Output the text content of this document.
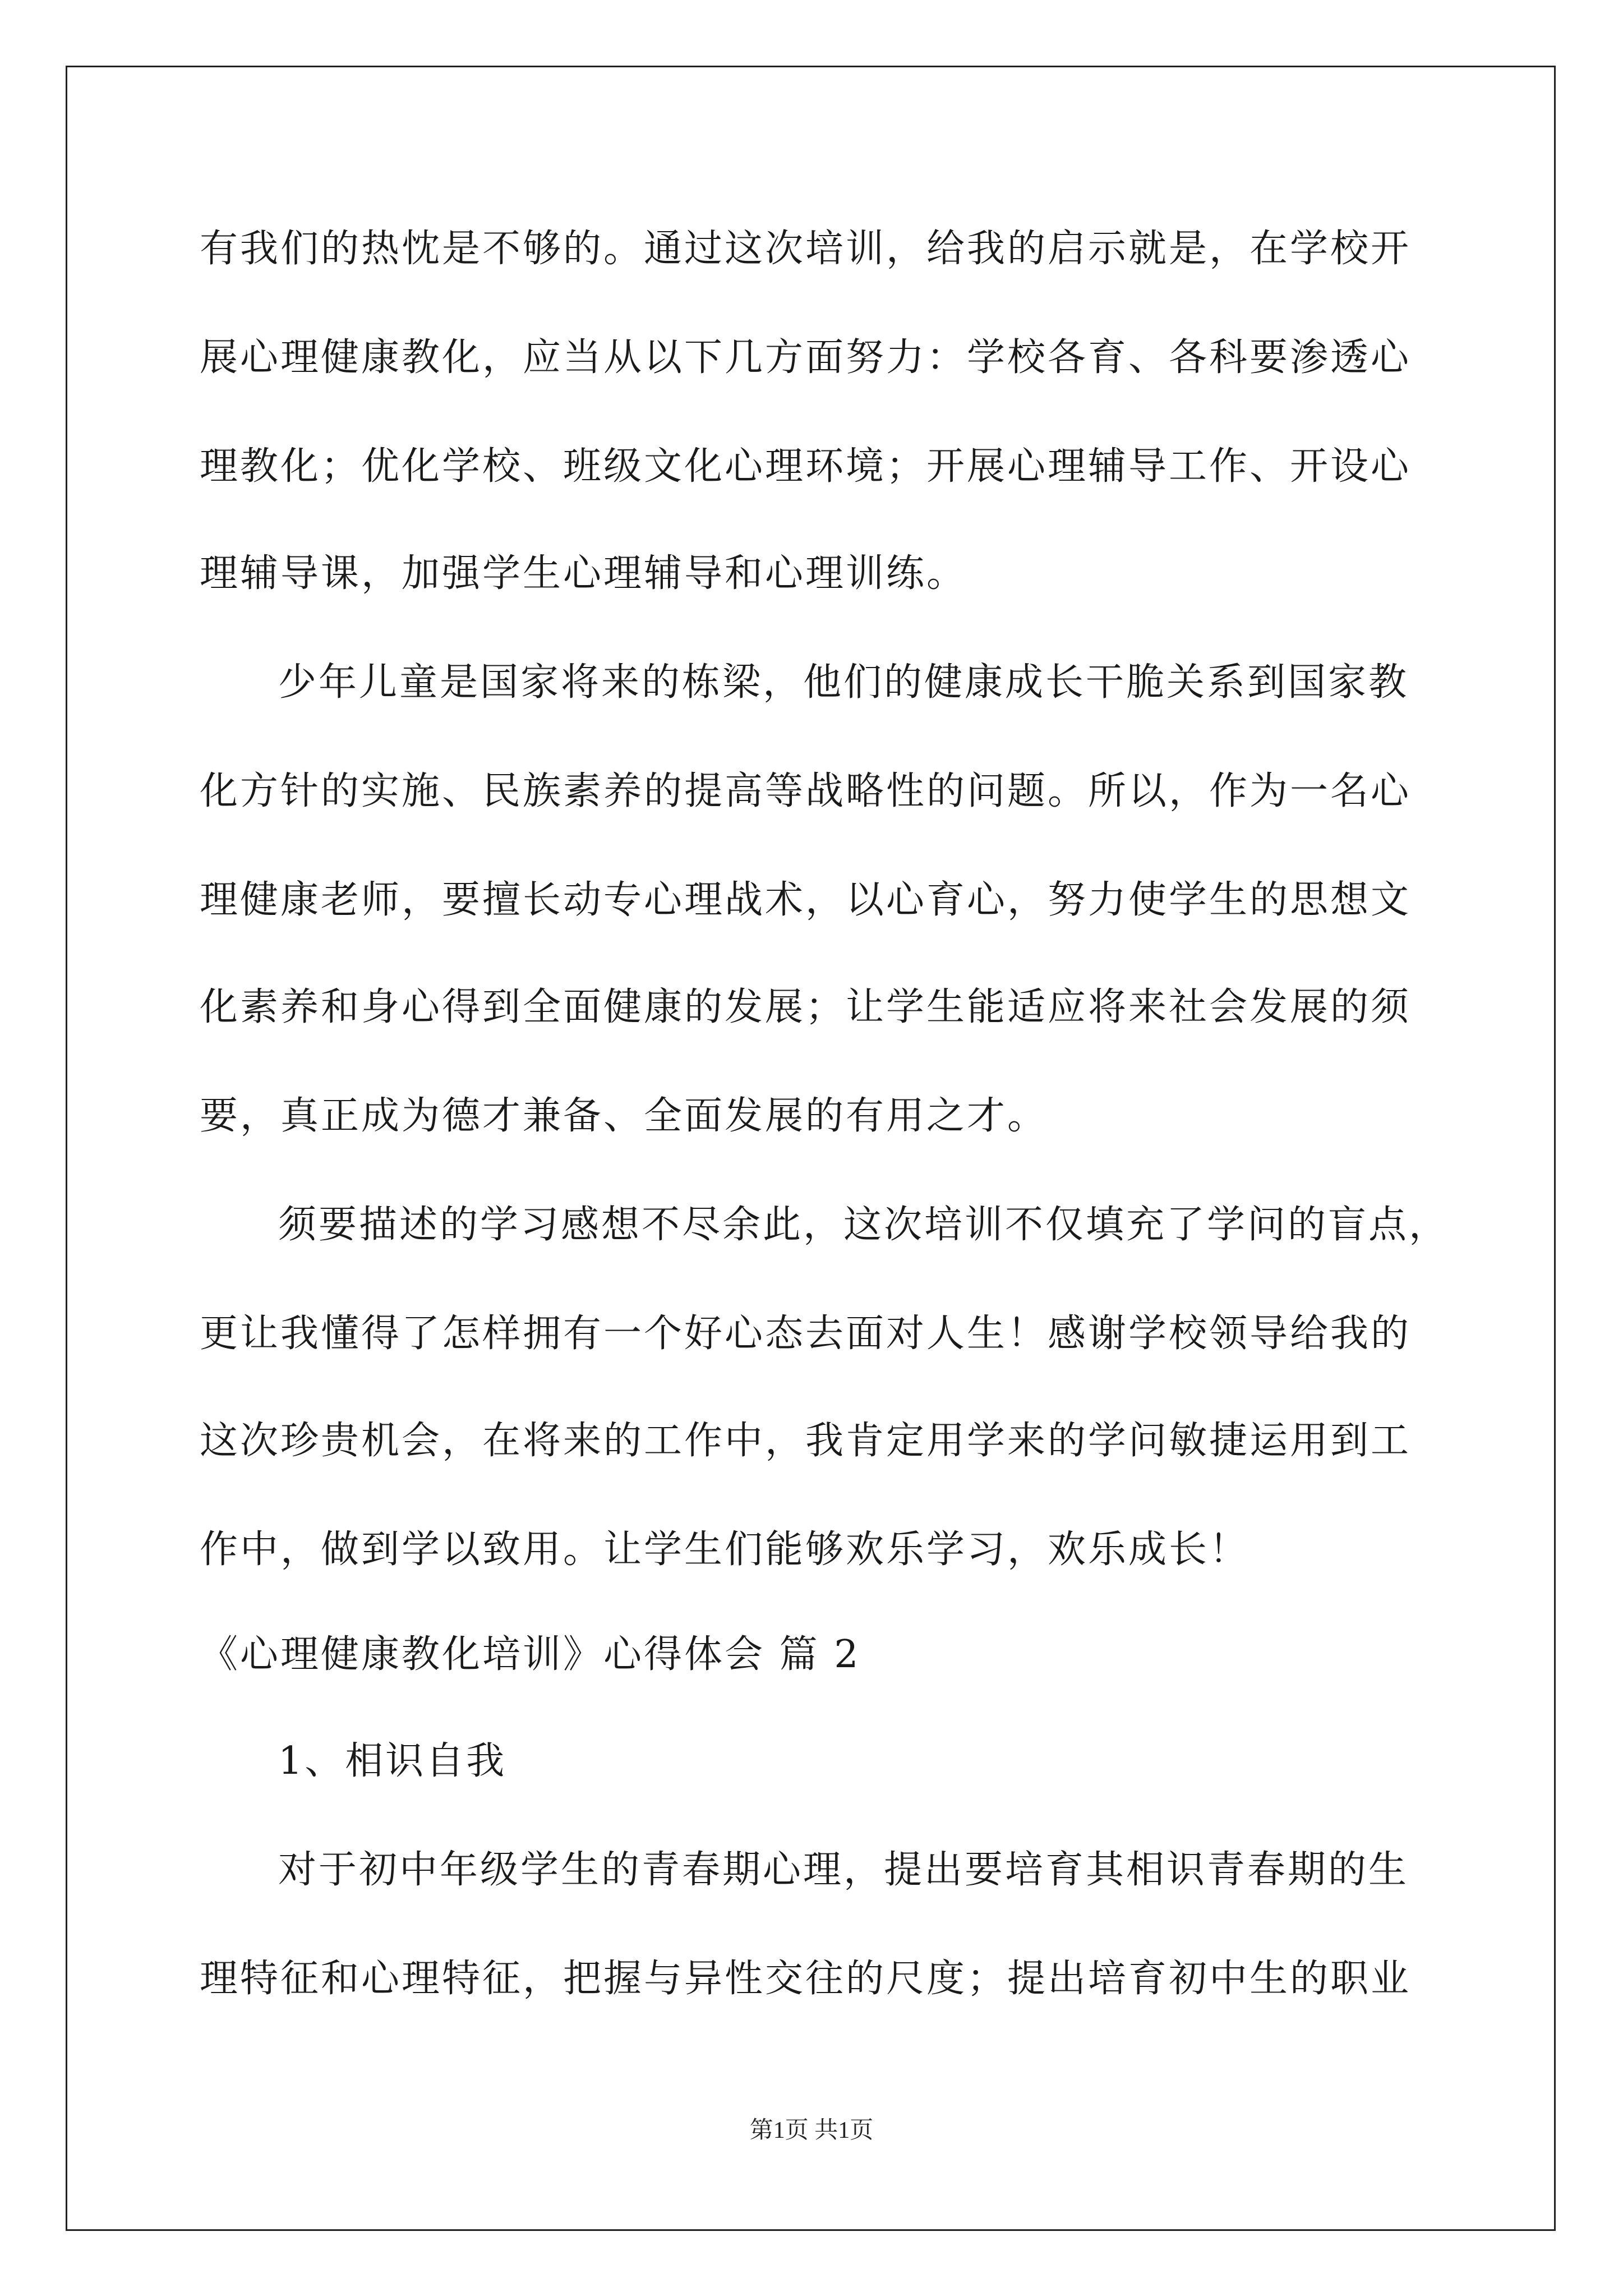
有我们的热忱是不够的。通过这次培训，给我的启示就是，在学校开
展心理健康教化，应当从以下几方面努力：学校各育、各科要渗透心
理教化；优化学校、班级文化心理环境；开展心理辅导工作、开设心
理辅导课，加强学生心理辅导和心理训练。
少年儿童是国家将来的栋梁，他们的健康成长干脆关系到国家教
化方针的实施、民族素养的提高等战略性的问题。所以，作为一名心
理健康老师，要擅长动专心理战术，以心育心，努力使学生的思想文
化素养和身心得到全面健康的发展；让学生能适应将来社会发展的须
要，真正成为德才兼备、全面发展的有用之才。
须要描述的学习感想不尽余此，这次培训不仅填充了学问的盲点，
更让我懂得了怎样拥有一个好心态去面对人生！感谢学校领导给我的
这次珍贵机会，在将来的工作中，我肯定用学来的学问敏捷运用到工
作中，做到学以致用。让学生们能够欢乐学习，欢乐成长！
《心理健康教化培训》心得体会 篇 2
1、相识自我
对于初中年级学生的青春期心理，提出要培育其相识青春期的生
理特征和心理特征，把握与异性交往的尺度；提出培育初中生的职业
第1页 共1页
